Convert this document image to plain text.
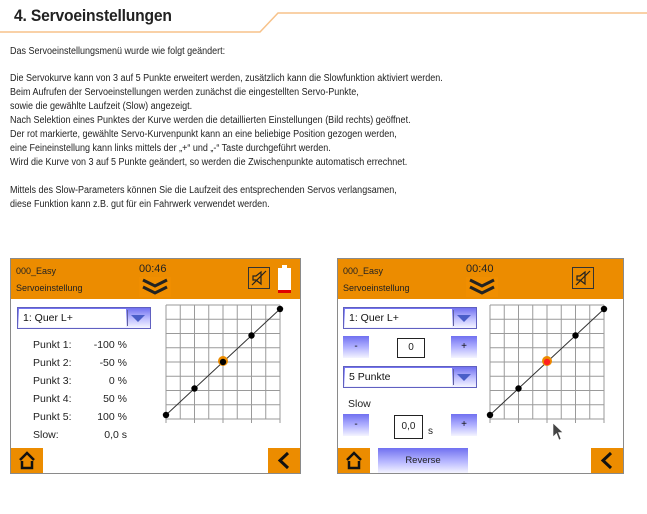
4. Servoeinstellungen
Das Servoeinstellungsmenü wurde wie folgt geändert:
Die Servokurve kann von 3 auf 5 Punkte erweitert werden, zusätzlich kann die Slowfunktion aktiviert werden.
Beim Aufrufen der Servoeinstellungen werden zunächst die eingestellten Servo-Punkte,
sowie die gewählte Laufzeit (Slow) angezeigt.
Nach Selektion eines Punktes der Kurve werden die detaillierten Einstellungen (Bild rechts) geöffnet.
Der rot markierte, gewählte Servo-Kurvenpunkt kann an eine beliebige Position gezogen werden,
eine Feineinstellung kann links mittels der „+“ und „-“ Taste durchgeführt werden.
Wird die Kurve von 3 auf 5 Punkte geändert, so werden die Zwischenpunkte automatisch errechnet.
Mittels des Slow-Parameters können Sie die Laufzeit des entsprechenden Servos verlangsamen,
diese Funktion kann z.B. gut für ein Fahrwerk verwendet werden.
000_Easy
Servoeinstellung
00:46
1: Quer L+
Punkt 1: -100 %
Punkt 2:	-50 %
Punkt 3:	0 %
Punkt 4:	50 %
Punkt 5: 100 %
Slow:	0,0 s
000_Easy
Servoeinstellung
00:40
1: Quer L+
-	0	+
5 Punkte
Slow
-	0,0	s
+
Reverse
